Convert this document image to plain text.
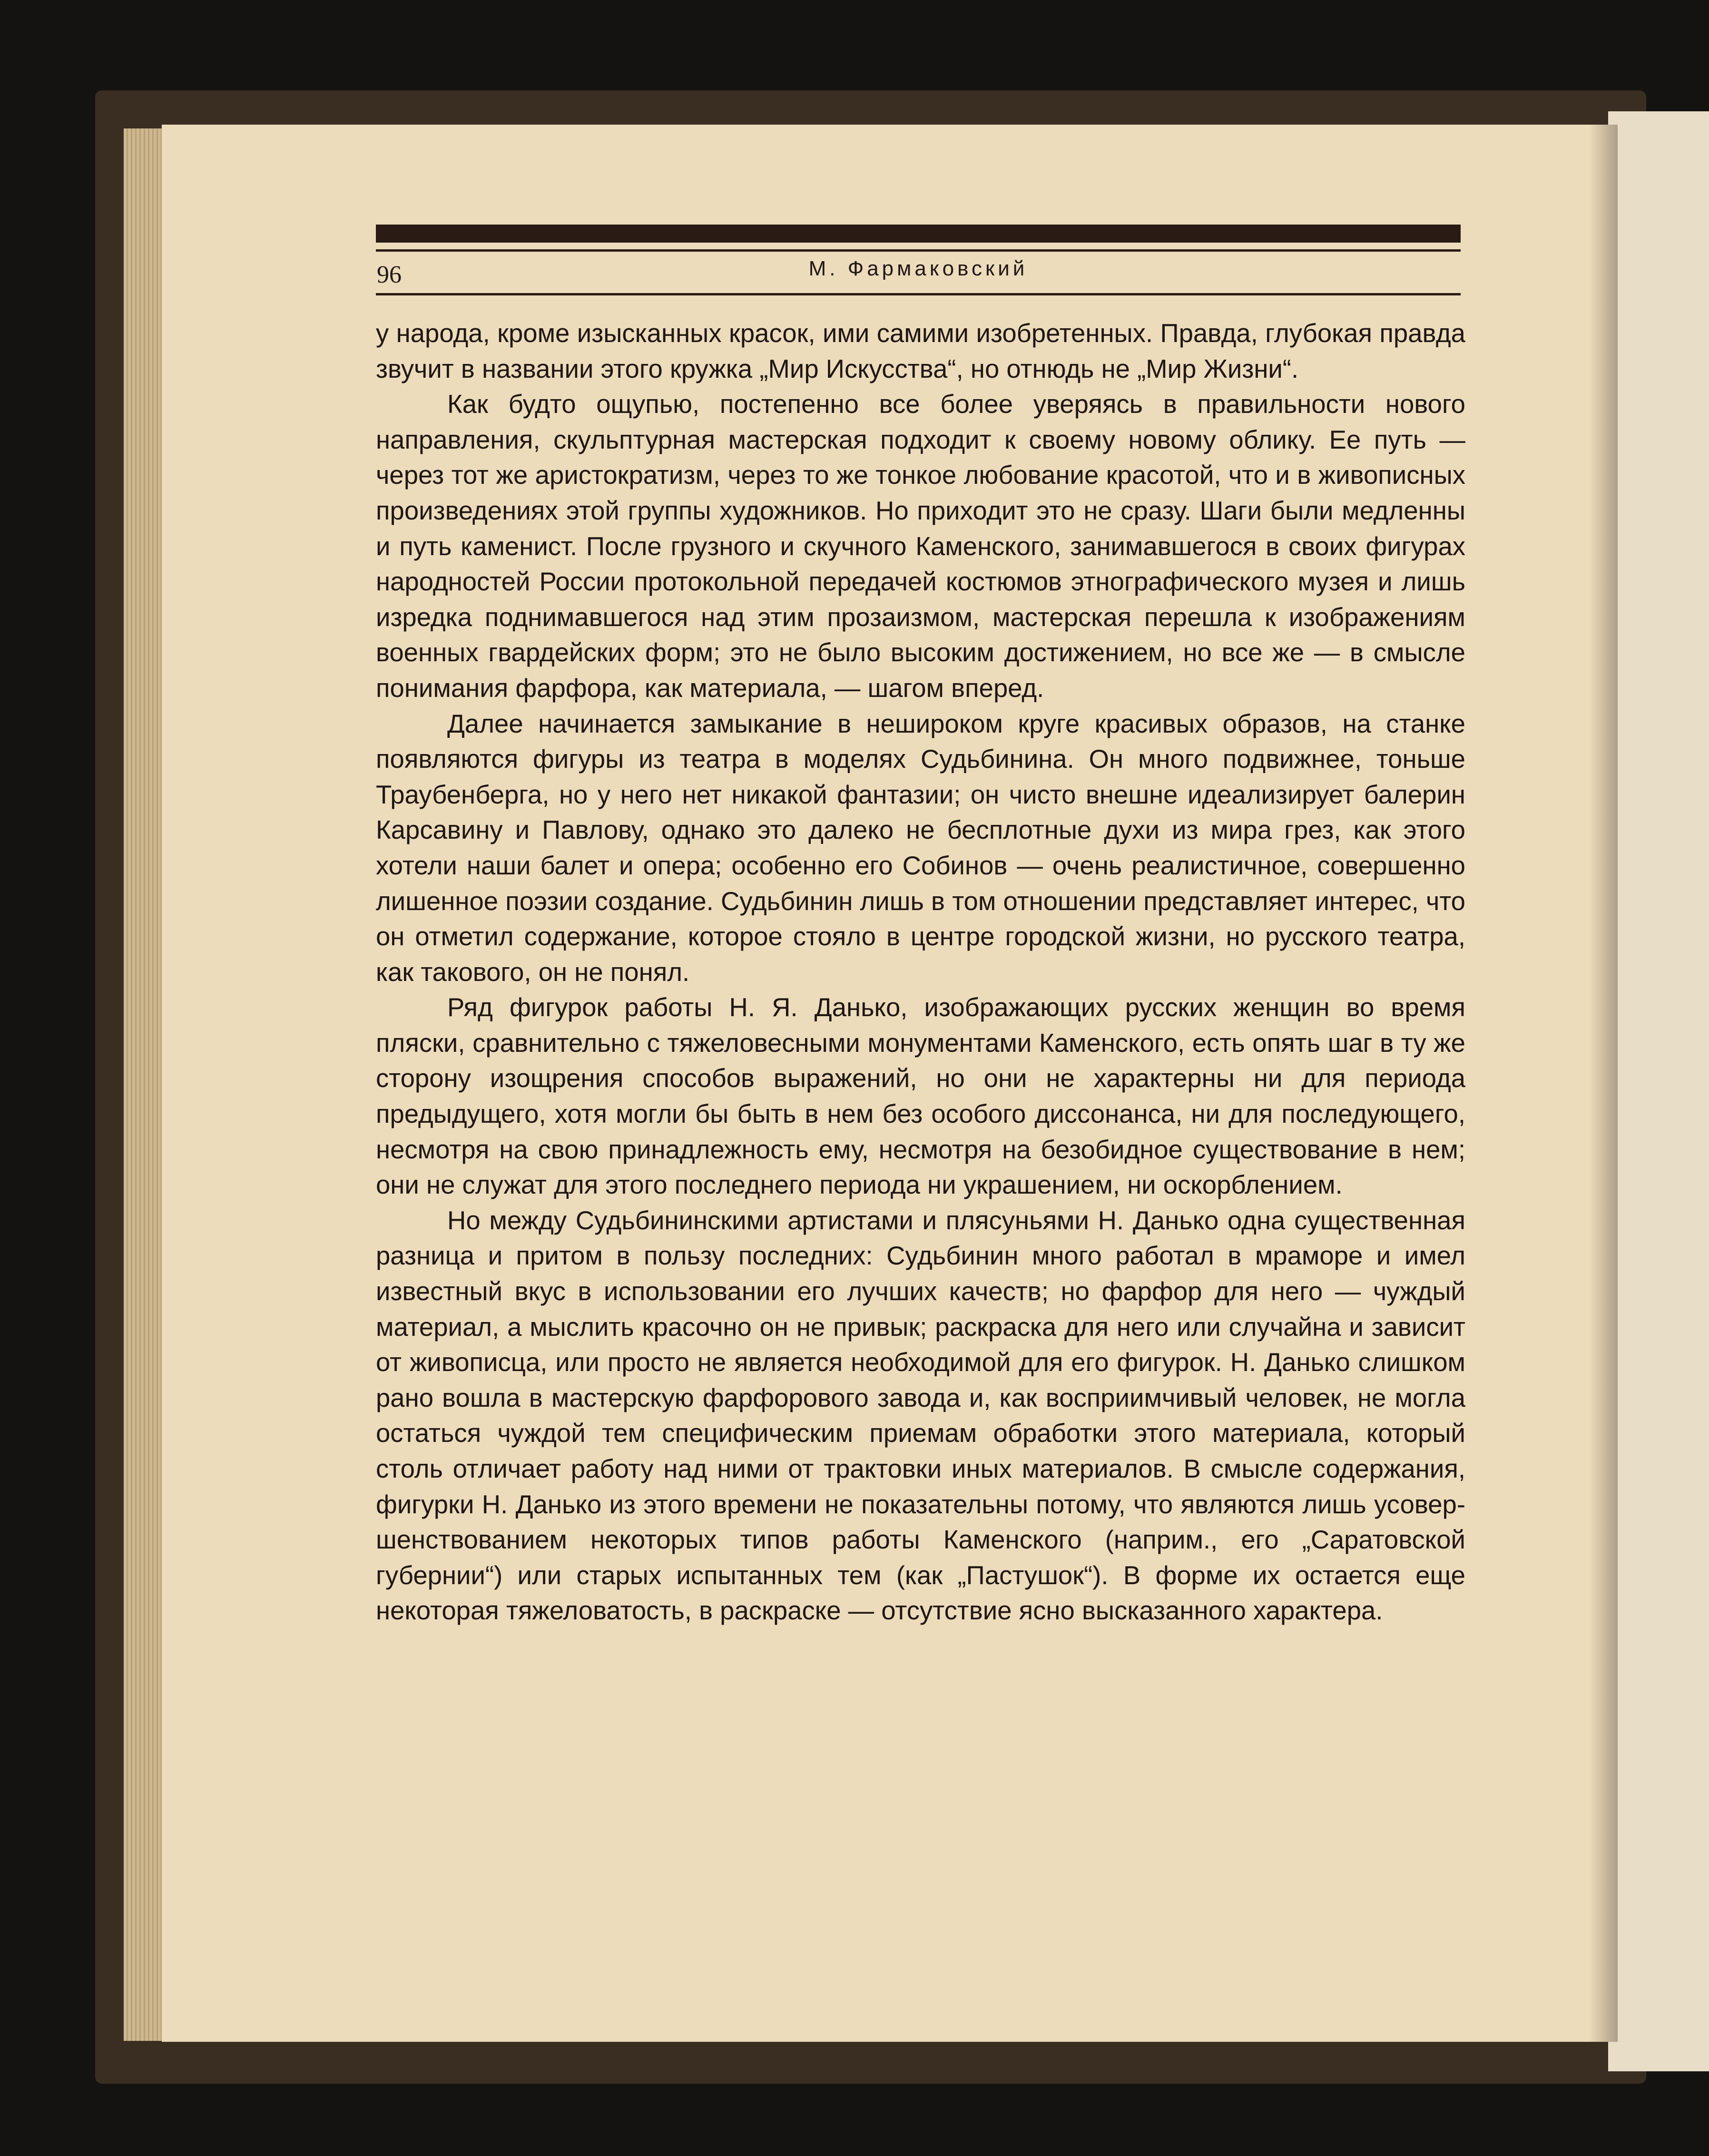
96	М. Фармаковский

у народа, кроме изысканных красок, ими самими изобретенных. Правда, глубокая правда звучит в названии этого кружка „Мир Искусства“, но отнюдь не „Мир Жизни“.

Как будто ощупью, постепенно все более уверяясь в правильности нового направления, скульптурная мастерская подходит к своему новому облику. Ее путь — через тот же аристократизм, через то же тонкое любование красотой, что и в живописных произведениях этой группы художников. Но приходит это не сразу. Шаги были медленны и путь каменист. После грузного и скучного Каменского, занимавшегося в своих фигурах народностей России протокольной передачей костюмов этнографического музея и лишь изредка поднимавшегося над этим прозаизмом, мастерская перешла к изображениям военных гвардейских форм; это не было высоким достижением, но все же — в смысле понимания фарфора, как материала, — шагом вперед.

Далее начинается замыкание в нешироком круге красивых образов, на станке появляются фигуры из театра в моделях Судьбинина. Он много подвижнее, тоньше Траубенберга, но у него нет никакой фантазии; он чисто внешне идеализирует балерин Карсавину и Павлову, однако это далеко не бесплотные духи из мира грез, как этого хотели наши балет и опера; особенно его Собинов — очень реалистичное, совершенно лишенное поэзии создание. Судьбинин лишь в том отношении представляет интерес, что он отметил содержание, которое стояло в центре городской жизни, но русского театра, как такового, он не понял.

Ряд фигурок работы Н. Я. Данько, изображающих русских женщин во время пляски, сравнительно с тяжеловесными монументами Каменского, есть опять шаг в ту же сторону изощрения способов выражений, но они не характерны ни для периода предыдущего, хотя могли бы быть в нем без особого диссонанса, ни для последующего, несмотря на свою принадлежность ему, несмотря на безобидное существование в нем; они не служат для этого последнего периода ни украшением, ни оскорблением.

Но между Судьбининскими артистами и плясуньями Н. Данько одна существенная разница и притом в пользу последних: Судьбинин много работал в мраморе и имел известный вкус в использовании его лучших качеств; но фарфор для него — чуждый материал, а мыслить красочно он не привык; раскраска для него или случайна и зависит от живописца, или просто не является необходимой для его фигурок. Н. Данько слишком рано вошла в мастерскую фарфорового завода и, как восприимчивый человек, не могла остаться чуждой тем специфическим приемам обработки этого материала, который столь отличает работу над ними от трактовки иных материалов. В смысле содержания, фигурки Н. Данько из этого времени не показательны потому, что являются лишь усовершенствованием некоторых типов работы Каменского (наприм., его „Саратовской губернии“) или старых испытанных тем (как „Пастушок“). В форме их остается еще некоторая тяжеловатость, в раскраске — отсутствие ясно высказанного характера.
